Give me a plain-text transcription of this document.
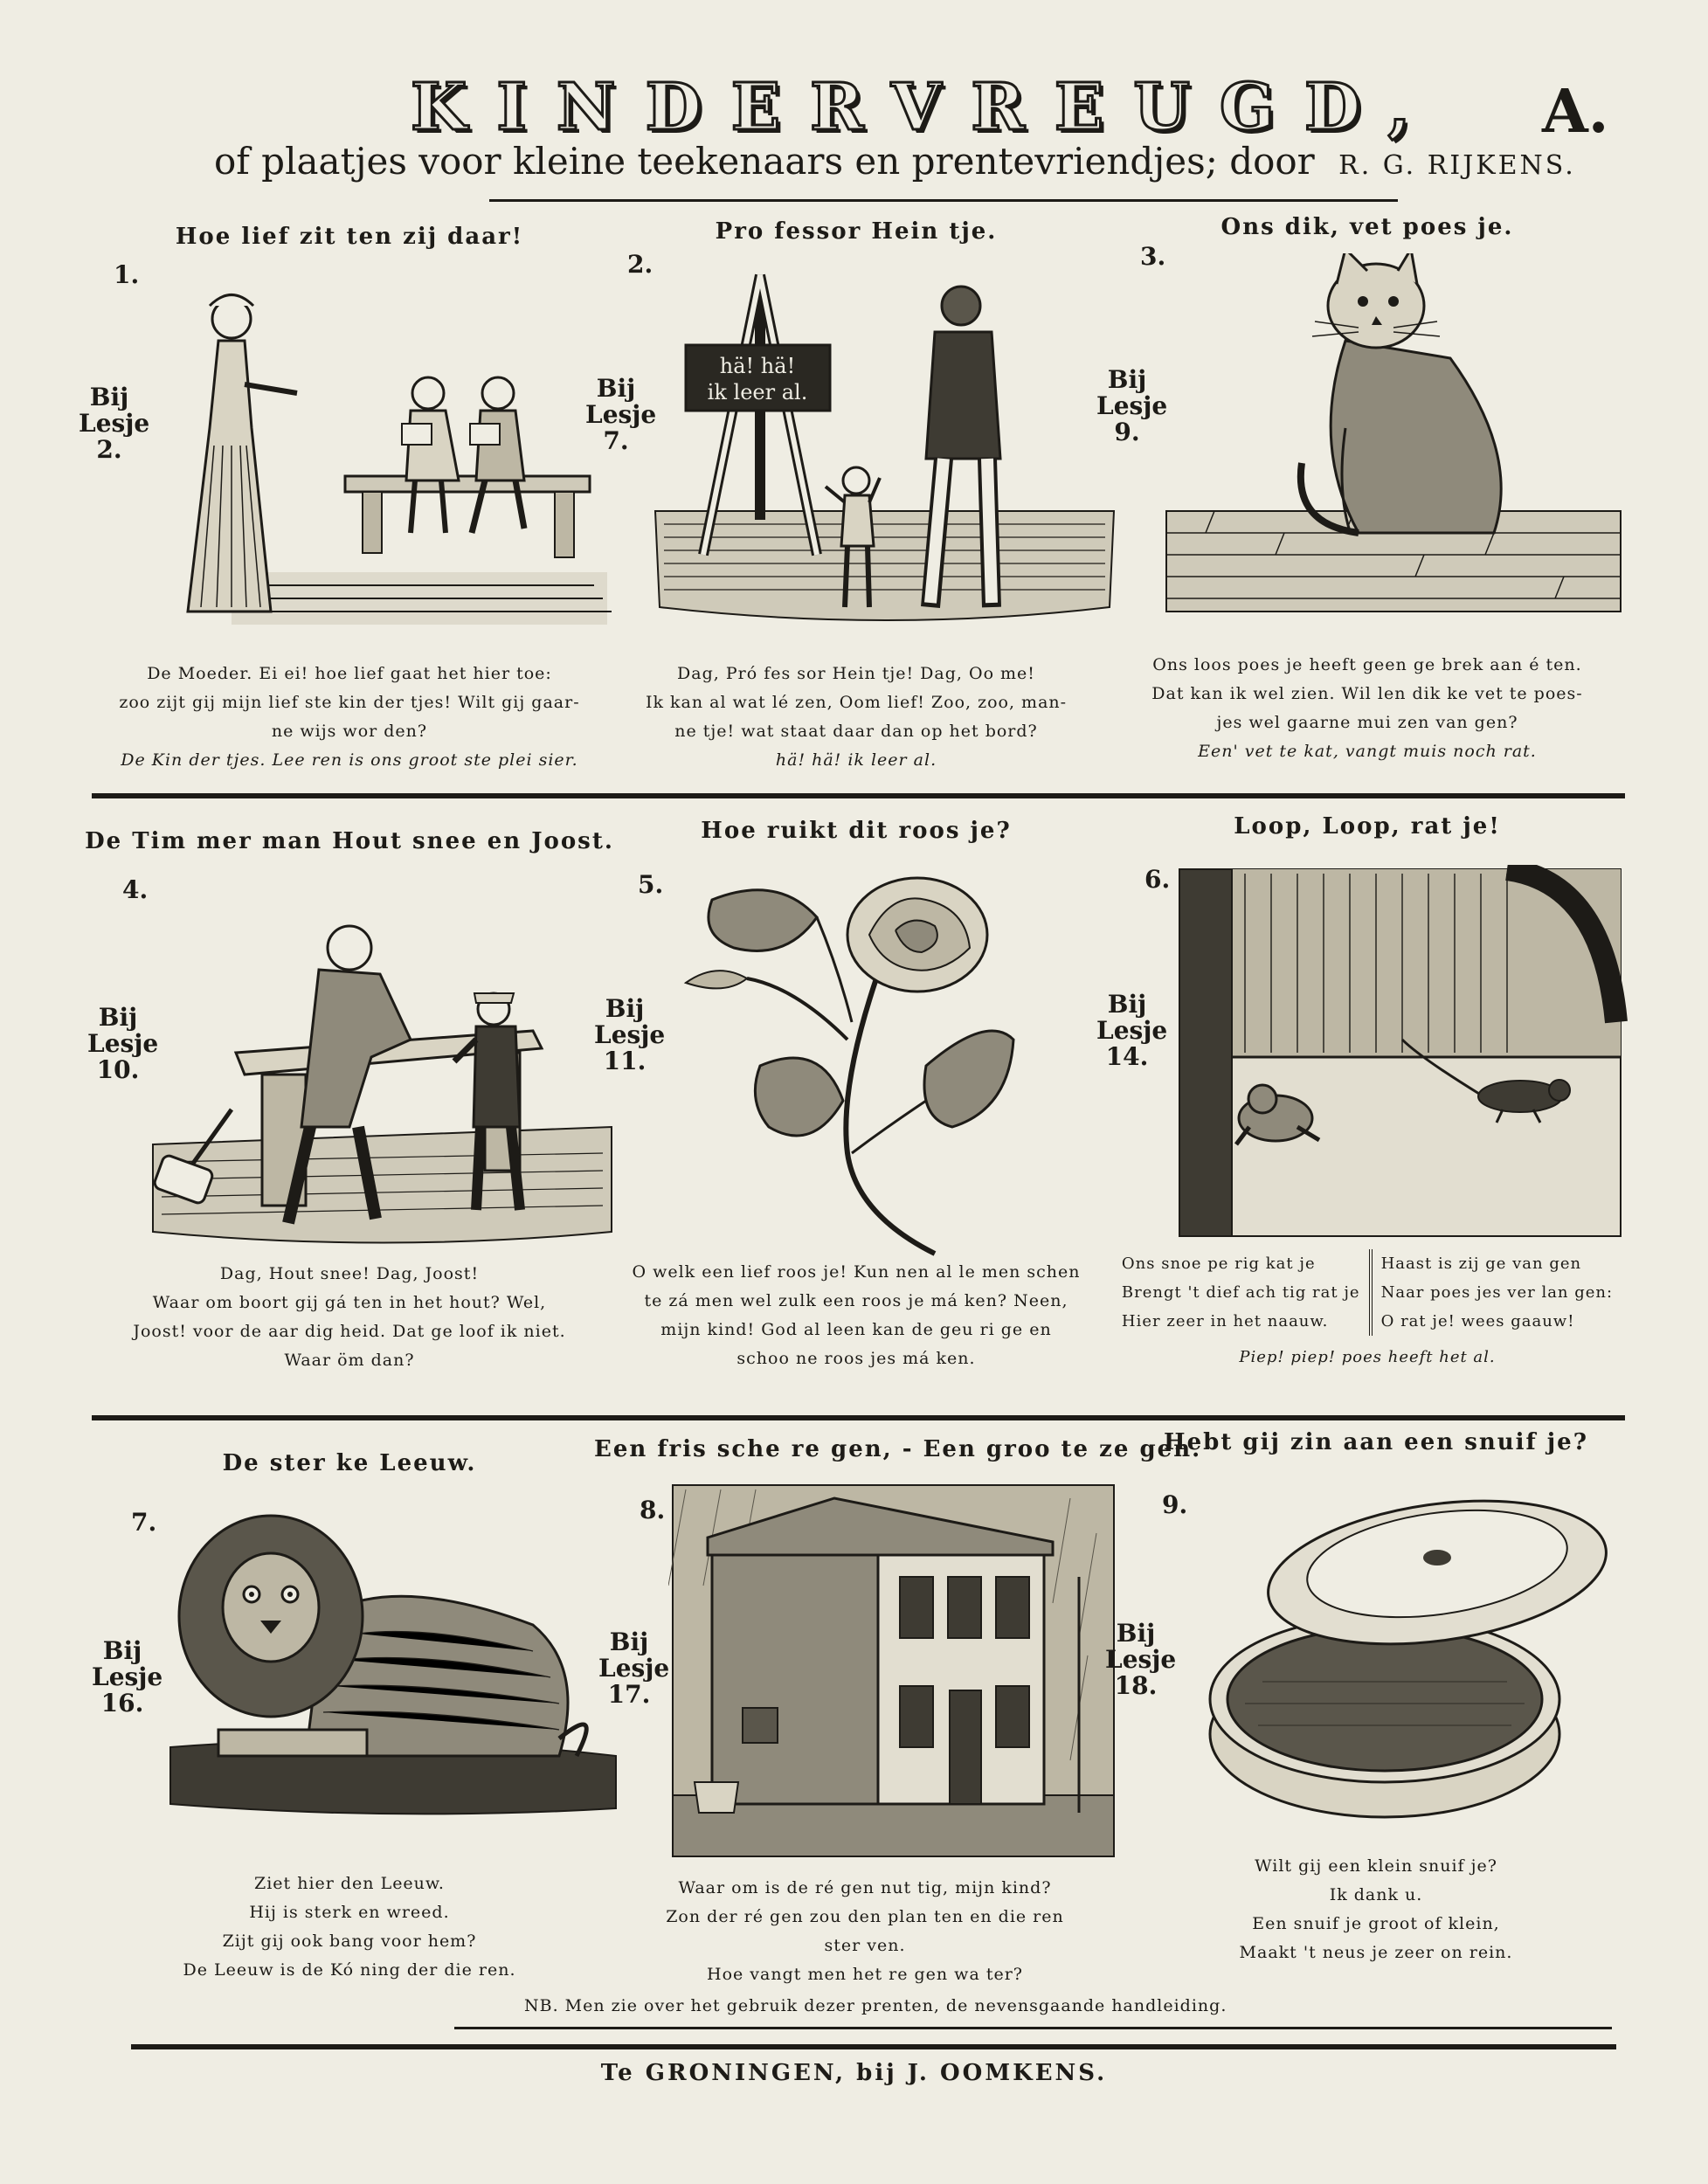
KINDERVREUGD, A.
of plaatjes voor kleine teekenaars en prentevriendjes; door R. G. RIJKENS.
Hoe lief zit ten zij daar!
1.
Bij
Lesje
2.
De Moeder. Ei ei! hoe lief gaat het hier toe:
zoo zijt gij mijn lief ste kin der tjes! Wilt gij gaar-
ne wijs wor den?
De Kin der tjes. Lee ren is ons groot ste plei sier.
Pro fessor Hein tje.
2.
Bij
Lesje
7.
hä! hä!
ik leer al.
Dag, Pró fes sor Hein tje! Dag, Oo me!
Ik kan al wat lé zen, Oom lief! Zoo, zoo, man-
ne tje! wat staat daar dan op het bord?
hä! hä! ik leer al.
Ons dik, vet poes je.
3.
Bij
Lesje
9.
Ons loos poes je heeft geen ge brek aan é ten.
Dat kan ik wel zien. Wil len dik ke vet te poes-
jes wel gaarne mui zen van gen?
Een' vet te kat, vangt muis noch rat.
De Tim mer man Hout snee en Joost.
4.
Bij
Lesje
10.
Dag, Hout snee! Dag, Joost!
Waar om boort gij gá ten in het hout? Wel,
Joost! voor de aar dig heid. Dat ge loof ik niet.
Waar öm dan?
Hoe ruikt dit roos je?
5.
Bij
Lesje
11.
O welk een lief roos je! Kun nen al le men schen
te zá men wel zulk een roos je má ken? Neen,
mijn kind! God al leen kan de geu ri ge en
schoo ne roos jes má ken.
Loop, Loop, rat je!
6.
Bij
Lesje
14.
Ons snoe pe rig kat je
Brengt 't dief ach tig rat je
Hier zeer in het naauw.
Haast is zij ge van gen
Naar poes jes ver lan gen:
O rat je! wees gaauw!
Piep! piep! poes heeft het al.
De ster ke Leeuw.
7.
Bij
Lesje
16.
Ziet hier den Leeuw.
Hij is sterk en wreed.
Zijt gij ook bang voor hem?
De Leeuw is de Kó ning der die ren.
Een fris sche re gen, - Een groo te ze gen.
8.
Bij
Lesje
17.
Waar om is de ré gen nut tig, mijn kind?
Zon der ré gen zou den plan ten en die ren
ster ven.
Hoe vangt men het re gen wa ter?
Hebt gij zin aan een snuif je?
9.
Bij
Lesje
18.
Wilt gij een klein snuif je?
Ik dank u.
Een snuif je groot of klein,
Maakt 't neus je zeer on rein.
NB. Men zie over het gebruik dezer prenten, de nevensgaande handleiding.
Te GRONINGEN, bij J. OOMKENS.
